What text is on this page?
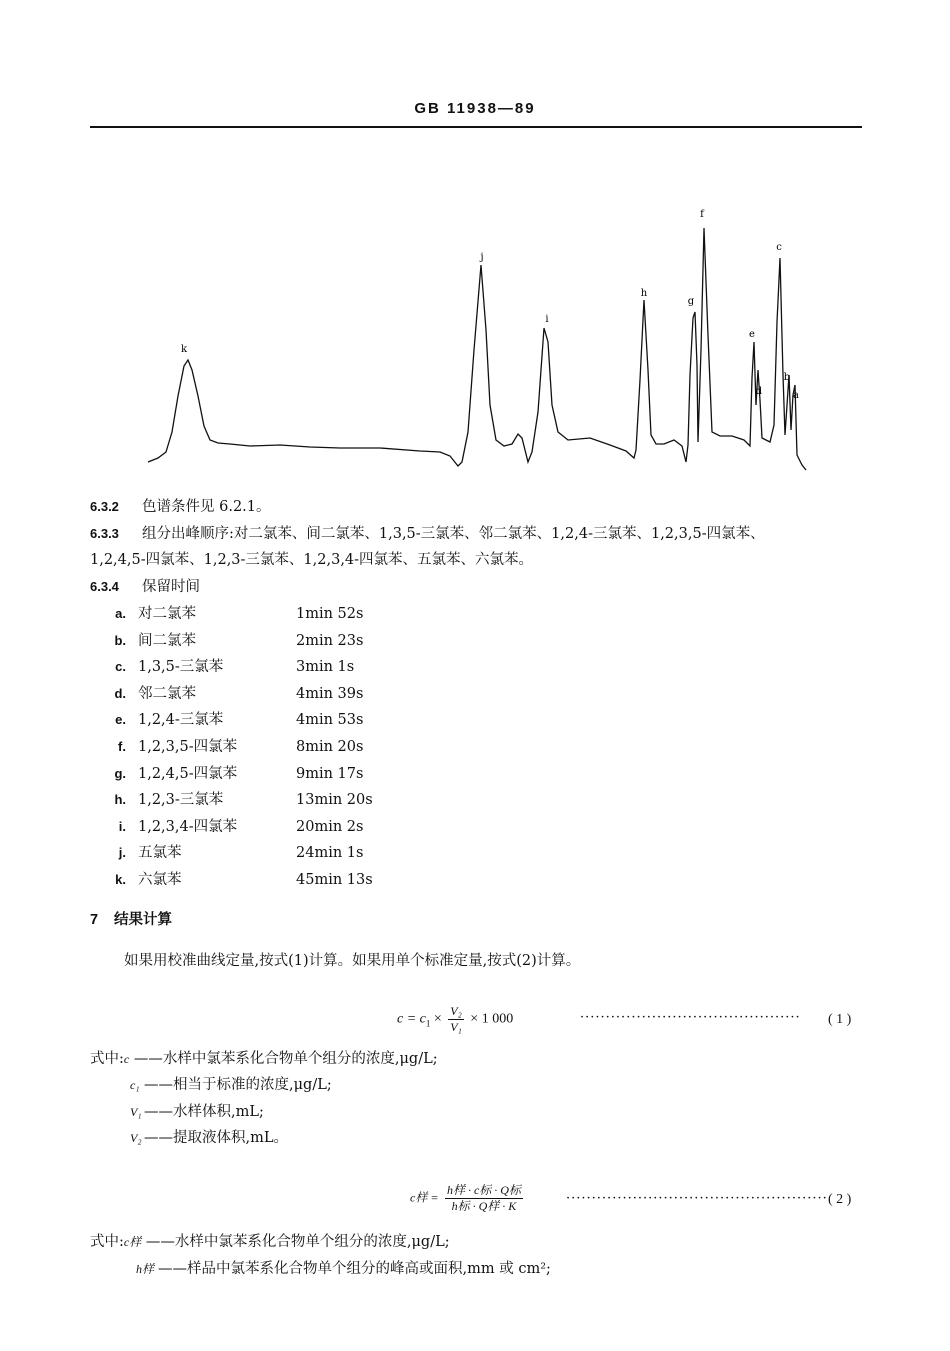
GB 11938—89
k
j
i
h
g
f
e
d
c
b
a
6.3.2 色谱条件见 6.2.1。
6.3.3 组分出峰顺序:对二氯苯、间二氯苯、1,3,5-三氯苯、邻二氯苯、1,2,4-三氯苯、1,2,3,5-四氯苯、
1,2,4,5-四氯苯、1,2,3-三氯苯、1,2,3,4-四氯苯、五氯苯、六氯苯。
6.3.4 保留时间
a. 对二氯苯	1min 52s
b. 间二氯苯	2min 23s
c. 1,3,5-三氯苯	3min 1s
d. 邻二氯苯	4min 39s
e. 1,2,4-三氯苯	4min 53s
f. 1,2,3,5-四氯苯	8min 20s
g. 1,2,4,5-四氯苯	9min 17s
h. 1,2,3-三氯苯	13min 20s
i. 1,2,3,4-四氯苯	20min 2s
j. 五氯苯	24min 1s
k. 六氯苯	45min 13s
7 结果计算
如果用校准曲线定量,按式(1)计算。如果用单个标准定量,按式(2)计算。
$c = c_1 \times \frac{\text{V₂}}{\text{V₁}} \times 1$ 000	··········································· ( 1 )
式中:c ——水样中氯苯系化合物单个组分的浓度,μg/L;
c₁ ——相当于标准的浓度,μg/L;
V₁ ——水样体积,mL;
V₂ ——提取液体积,mL。
c样 = $\frac{\text{h样 · c标 · Q标}}{\text{h标 · Q样 · K}}$	··················································· ( 2 )
式中:c样 ——水样中氯苯系化合物单个组分的浓度,μg/L;
h样 ——样品中氯苯系化合物单个组分的峰高或面积,mm 或 cm²;
